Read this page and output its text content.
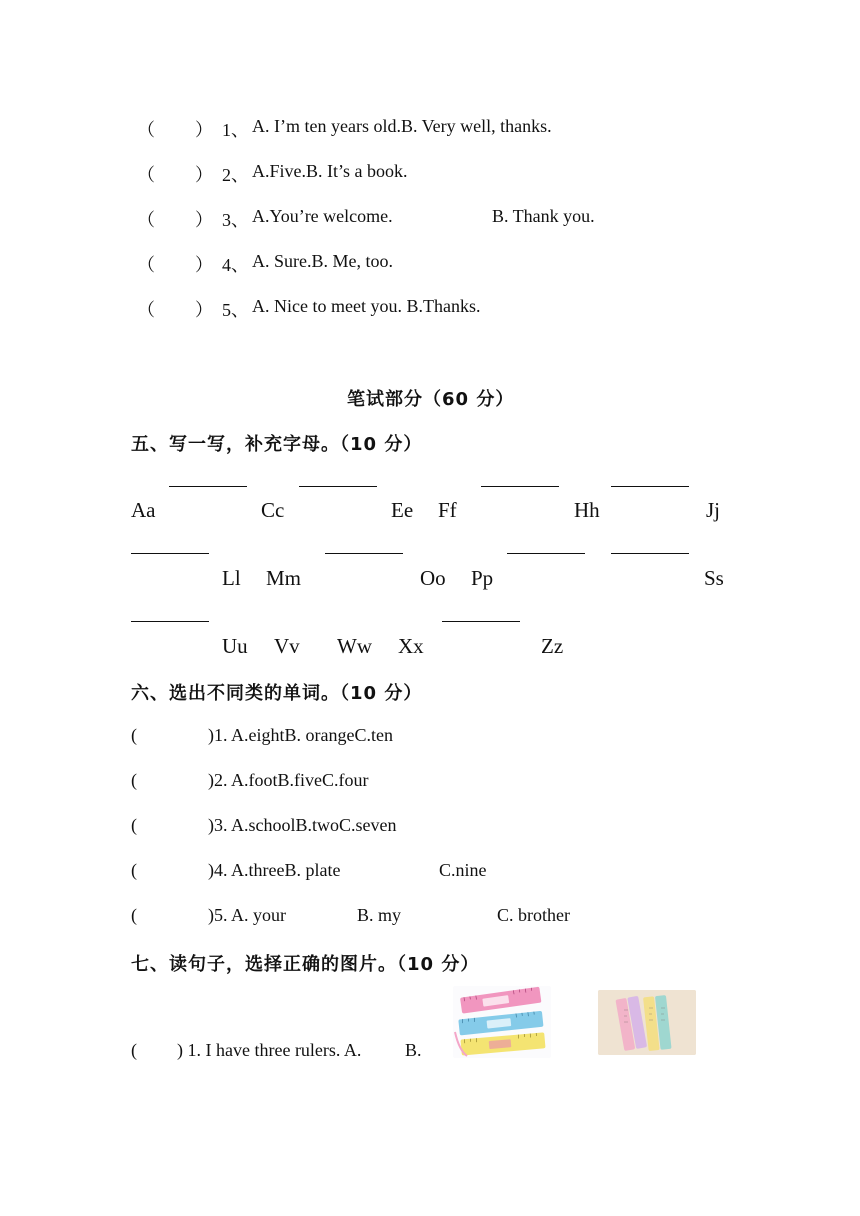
（ ） 1、 A. I’m ten years old.B. Very well, thanks.
（ ） 2、 A.Five.B. It’s a book.
（ ） 3、 A.You’re welcome.	B. Thank you.
（ ） 4、 A. Sure.B. Me, too.
（ ） 5、 A. Nice to meet you. B.Thanks.
笔试部分（60 分）
五、写一写，补充字母。（10 分）
Aa	Cc	Ee Ff	Hh	Jj
Ll Mm	Oo Pp	Ss
Uu Vv Ww Xx	Zz
六、选出不同类的单词。（10 分）
(	)1. A.eightB. orangeC.ten
(	)2. A.footB.fiveC.four
(	)3. A.schoolB.twoC.seven
(	)4. A.threeB. plate	C.nine
(	)5. A. your	B. my	C. brother
七、读句子，选择正确的图片。（10 分）
( ) 1. I have three rulers. A. B.
